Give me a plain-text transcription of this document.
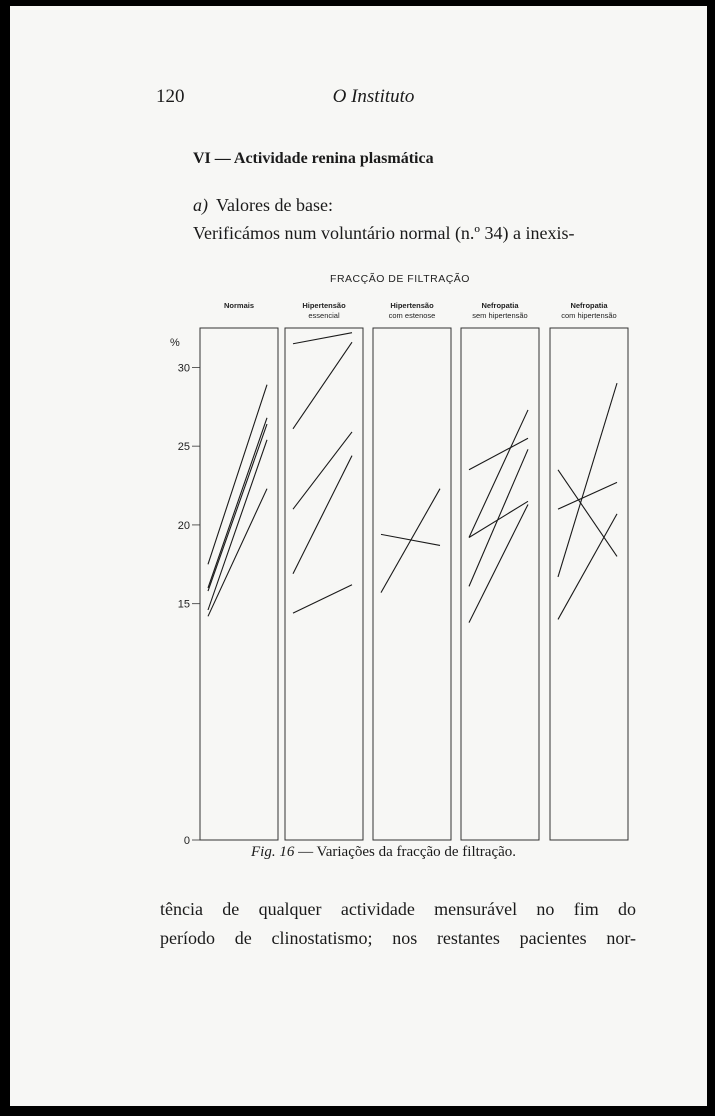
120	O Instituto
VI — Actividade renina plasmática
a) Valores de base:
Verificámos num voluntário normal (n.º 34) a inexis-
FRACÇÃO DE FILTRAÇÃO
Normais	Hipertensão
essencial
Hipertensão
com estenose
Nefropatia
sem hipertensão
Nefropatia
com hipertensão
%
0
15
20
25
30
Fig. 16 — Variações da fracção de filtração.
tência de qualquer actividade mensurável no fim do
período de clinostatismo; nos restantes pacientes nor-
